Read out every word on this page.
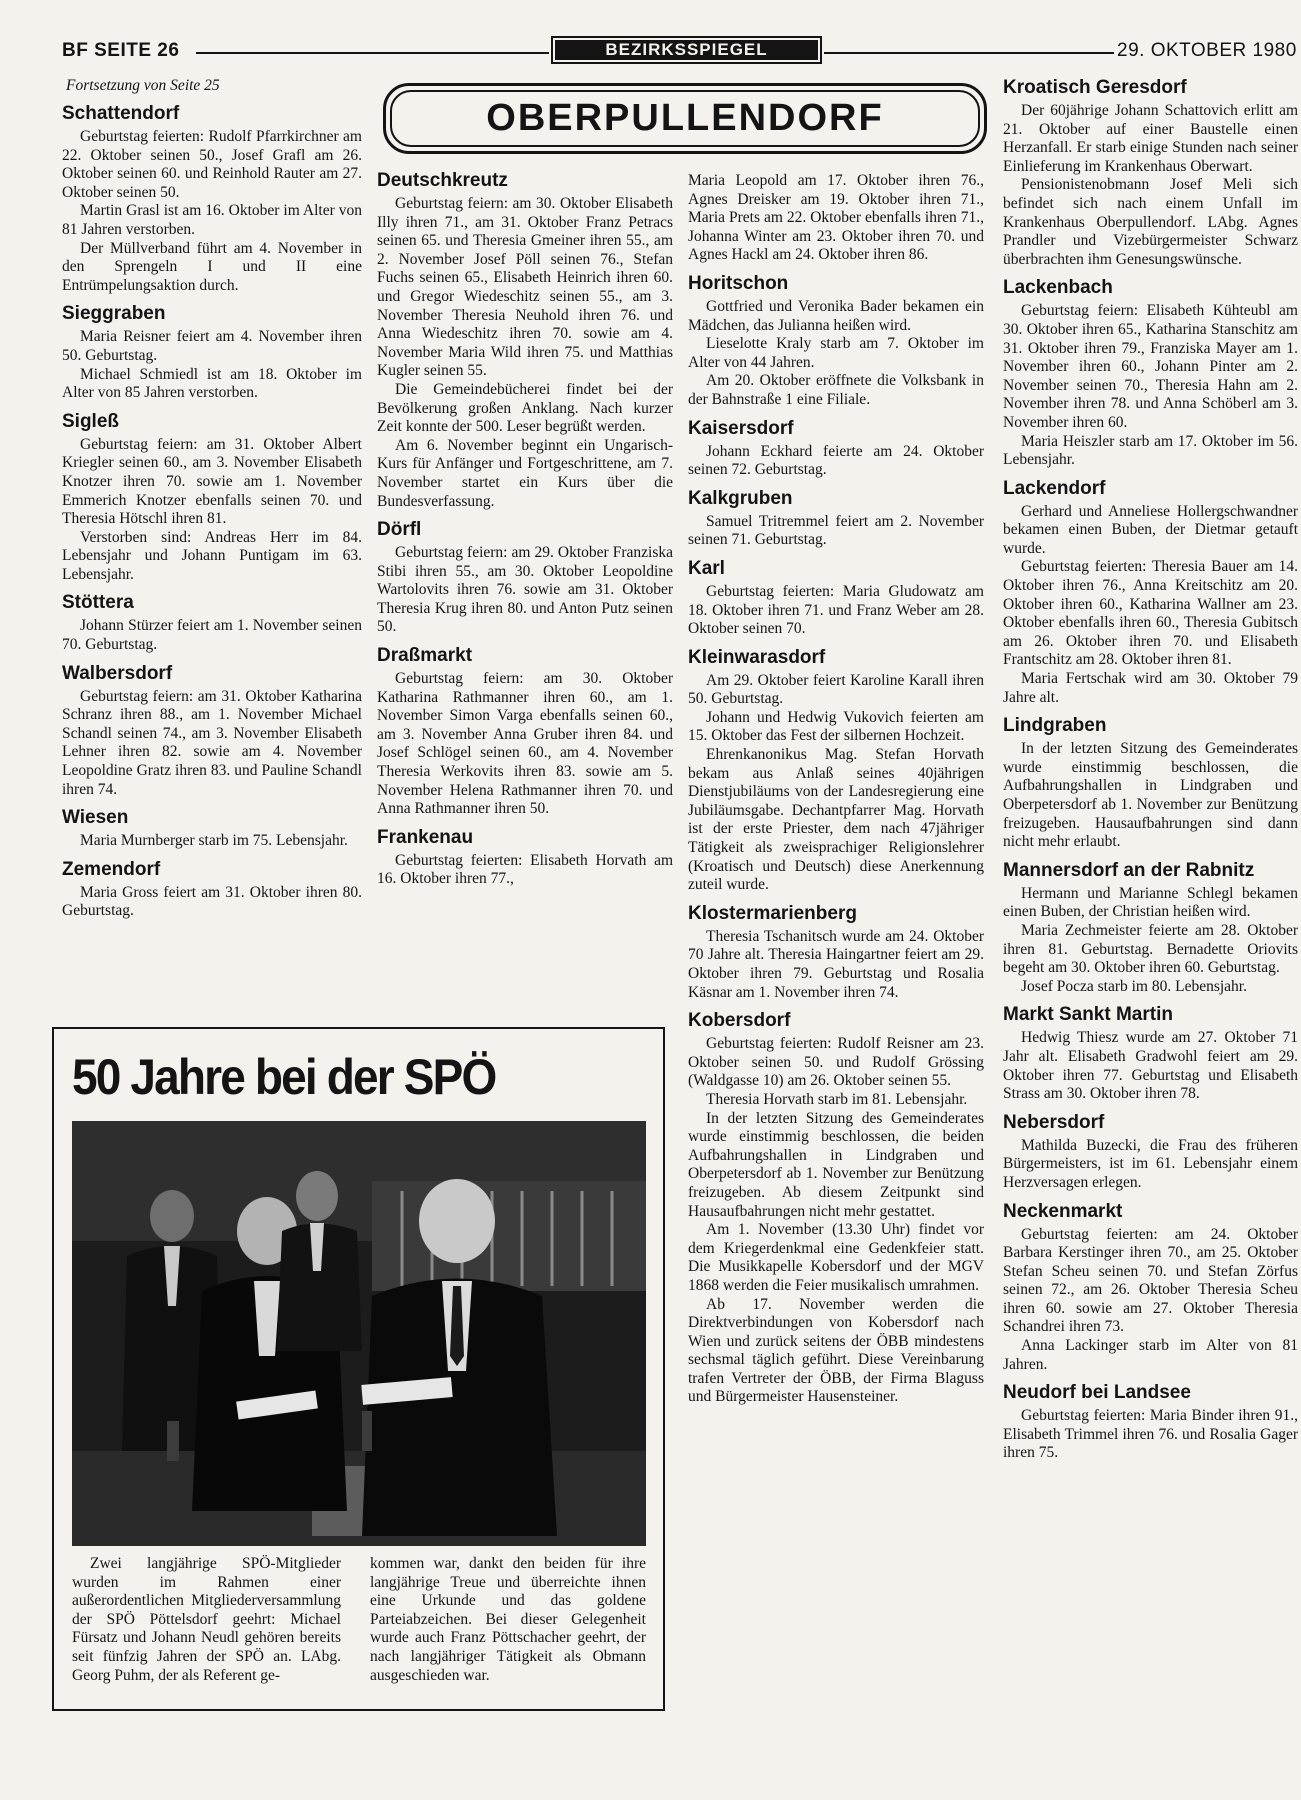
BF SEITE 26	BEZIRKSSPIEGEL	29. OKTOBER 1980
OBERPULLENDORF
Fortsetzung von Seite 25
Schattendorf

Geburtstag feierten: Rudolf Pfarrkirchner am 22. Oktober seinen 50., Josef Grafl am 26. Oktober seinen 60. und Reinhold Rauter am 27. Oktober seinen 50.

Martin Grasl ist am 16. Oktober im Alter von 81 Jahren verstorben.

Der Müllverband führt am 4. November in den Sprengeln I und II eine Entrümpelungsaktion durch.

Sieggraben

Maria Reisner feiert am 4. November ihren 50. Geburtstag.

Michael Schmiedl ist am 18. Oktober im Alter von 85 Jahren verstorben.

Sigleß

Geburtstag feiern: am 31. Oktober Albert Kriegler seinen 60., am 3. November Elisabeth Knotzer ihren 70. sowie am 1. November Emmerich Knotzer ebenfalls seinen 70. und Theresia Hötschl ihren 81.

Verstorben sind: Andreas Herr im 84. Lebensjahr und Johann Puntigam im 63. Lebensjahr.

Stöttera

Johann Stürzer feiert am 1. November seinen 70. Geburtstag.

Walbersdorf

Geburtstag feiern: am 31. Oktober Katharina Schranz ihren 88., am 1. November Michael Schandl seinen 74., am 3. November Elisabeth Lehner ihren 82. sowie am 4. November Leopoldine Gratz ihren 83. und Pauline Schandl ihren 74.

Wiesen

Maria Murnberger starb im 75. Lebensjahr.

Zemendorf

Maria Gross feiert am 31. Oktober ihren 80. Geburtstag.

Deutschkreutz

Geburtstag feiern: am 30. Oktober Elisabeth Illy ihren 71., am 31. Oktober Franz Petracs seinen 65. und Theresia Gmeiner ihren 55., am 2. November Josef Pöll seinen 76., Stefan Fuchs seinen 65., Elisabeth Heinrich ihren 60. und Gregor Wiedeschitz seinen 55., am 3. November Theresia Neuhold ihren 76. und Anna Wiedeschitz ihren 70. sowie am 4. November Maria Wild ihren 75. und Matthias Kugler seinen 55.

Die Gemeindebücherei findet bei der Bevölkerung großen Anklang. Nach kurzer Zeit konnte der 500. Leser begrüßt werden.

Am 6. November beginnt ein Ungarisch-Kurs für Anfänger und Fortgeschrittene, am 7. November startet ein Kurs über die Bundesverfassung.

Dörfl

Geburtstag feiern: am 29. Oktober Franziska Stibi ihren 55., am 30. Oktober Leopoldine Wartolovits ihren 76. sowie am 31. Oktober Theresia Krug ihren 80. und Anton Putz seinen 50.

Draßmarkt

Geburtstag feiern: am 30. Oktober Katharina Rathmanner ihren 60., am 1. November Simon Varga ebenfalls seinen 60., am 3. November Anna Gruber ihren 84. und Josef Schlögel seinen 60., am 4. November Theresia Werkovits ihren 83. sowie am 5. November Helena Rathmanner ihren 70. und Anna Rathmanner ihren 50.

Frankenau

Geburtstag feierten: Elisabeth Horvath am 16. Oktober ihren 77.,

Maria Leopold am 17. Oktober ihren 76., Agnes Dreisker am 19. Oktober ihren 71., Maria Prets am 22. Oktober ebenfalls ihren 71., Johanna Winter am 23. Oktober ihren 70. und Agnes Hackl am 24. Oktober ihren 86.

Horitschon

Gottfried und Veronika Bader bekamen ein Mädchen, das Julianna heißen wird.

Lieselotte Kraly starb am 7. Oktober im Alter von 44 Jahren.

Am 20. Oktober eröffnete die Volksbank in der Bahnstraße 1 eine Filiale.

Kaisersdorf

Johann Eckhard feierte am 24. Oktober seinen 72. Geburtstag.

Kalkgruben

Samuel Tritremmel feiert am 2. November seinen 71. Geburtstag.

Karl

Geburtstag feierten: Maria Gludowatz am 18. Oktober ihren 71. und Franz Weber am 28. Oktober seinen 70.

Kleinwarasdorf

Am 29. Oktober feiert Karoline Karall ihren 50. Geburtstag.

Johann und Hedwig Vukovich feierten am 15. Oktober das Fest der silbernen Hochzeit.

Ehrenkanonikus Mag. Stefan Horvath bekam aus Anlaß seines 40jährigen Dienstjubiläums von der Landesregierung eine Jubiläumsgabe. Dechantpfarrer Mag. Horvath ist der erste Priester, dem nach 47jähriger Tätigkeit als zweisprachiger Religionslehrer (Kroatisch und Deutsch) diese Anerkennung zuteil wurde.

Klostermarienberg

Theresia Tschanitsch wurde am 24. Oktober 70 Jahre alt. Theresia Haingartner feiert am 29. Oktober ihren 79. Geburtstag und Rosalia Käsnar am 1. November ihren 74.

Kobersdorf

Geburtstag feierten: Rudolf Reisner am 23. Oktober seinen 50. und Rudolf Grössing (Waldgasse 10) am 26. Oktober seinen 55.

Theresia Horvath starb im 81. Lebensjahr.

In der letzten Sitzung des Gemeinderates wurde einstimmig beschlossen, die beiden Aufbahrungshallen in Lindgraben und Oberpetersdorf ab 1. November zur Benützung freizugeben. Ab diesem Zeitpunkt sind Hausaufbahrungen nicht mehr gestattet.

Am 1. November (13.30 Uhr) findet vor dem Kriegerdenkmal eine Gedenkfeier statt. Die Musikkapelle Kobersdorf und der MGV 1868 werden die Feier musikalisch umrahmen.

Ab 17. November werden die Direktverbindungen von Kobersdorf nach Wien und zurück seitens der ÖBB mindestens sechsmal täglich geführt. Diese Vereinbarung trafen Vertreter der ÖBB, der Firma Blaguss und Bürgermeister Hausensteiner.

Kroatisch Geresdorf

Der 60jährige Johann Schattovich erlitt am 21. Oktober auf einer Baustelle einen Herzanfall. Er starb einige Stunden nach seiner Einlieferung im Krankenhaus Oberwart.

Pensionistenobmann Josef Meli sich befindet sich nach einem Unfall im Krankenhaus Oberpullendorf. LAbg. Agnes Prandler und Vizebürgermeister Schwarz überbrachten ihm Genesungswünsche.

Lackenbach

Geburtstag feiern: Elisabeth Kühteubl am 30. Oktober ihren 65., Katharina Stanschitz am 31. Oktober ihren 79., Franziska Mayer am 1. November ihren 60., Johann Pinter am 2. November seinen 70., Theresia Hahn am 2. November ihren 78. und Anna Schöberl am 3. November ihren 60.

Maria Heiszler starb am 17. Oktober im 56. Lebensjahr.

Lackendorf

Gerhard und Anneliese Hollergschwandner bekamen einen Buben, der Dietmar getauft wurde.

Geburtstag feierten: Theresia Bauer am 14. Oktober ihren 76., Anna Kreitschitz am 20. Oktober ihren 60., Katharina Wallner am 23. Oktober ebenfalls ihren 60., Theresia Gubitsch am 26. Oktober ihren 70. und Elisabeth Frantschitz am 28. Oktober ihren 81.

Maria Fertschak wird am 30. Oktober 79 Jahre alt.

Lindgraben

In der letzten Sitzung des Gemeinderates wurde einstimmig beschlossen, die Aufbahrungshallen in Lindgraben und Oberpetersdorf ab 1. November zur Benützung freizugeben. Hausaufbahrungen sind dann nicht mehr erlaubt.

Mannersdorf an der Rabnitz

Hermann und Marianne Schlegl bekamen einen Buben, der Christian heißen wird.

Maria Zechmeister feierte am 28. Oktober ihren 81. Geburtstag. Bernadette Oriovits begeht am 30. Oktober ihren 60. Geburtstag.

Josef Pocza starb im 80. Lebensjahr.

Markt Sankt Martin

Hedwig Thiesz wurde am 27. Oktober 71 Jahr alt. Elisabeth Gradwohl feiert am 29. Oktober ihren 77. Geburtstag und Elisabeth Strass am 30. Oktober ihren 78.

Nebersdorf

Mathilda Buzecki, die Frau des früheren Bürgermeisters, ist im 61. Lebensjahr einem Herzversagen erlegen.

Neckenmarkt

Geburtstag feierten: am 24. Oktober Barbara Kerstinger ihren 70., am 25. Oktober Stefan Scheu seinen 70. und Stefan Zörfus seinen 72., am 26. Oktober Theresia Scheu ihren 60. sowie am 27. Oktober Theresia Schandrei ihren 73.

Anna Lackinger starb im Alter von 81 Jahren.

Neudorf bei Landsee

Geburtstag feierten: Maria Binder ihren 91., Elisabeth Trimmel ihren 76. und Rosalia Gager ihren 75.

50 Jahre bei der SPÖ

Zwei langjährige SPÖ-Mitglieder wurden im Rahmen einer außerordentlichen Mitgliederversammlung der SPÖ Pöttelsdorf geehrt: Michael Fürsatz und Johann Neudl gehören bereits seit fünfzig Jahren der SPÖ an. LAbg. Georg Puhm, der als Referent ge-

kommen war, dankt den beiden für ihre langjährige Treue und überreichte ihnen eine Urkunde und das goldene Parteiabzeichen. Bei dieser Gelegenheit wurde auch Franz Pöttschacher geehrt, der nach langjähriger Tätigkeit als Obmann ausgeschieden war.
